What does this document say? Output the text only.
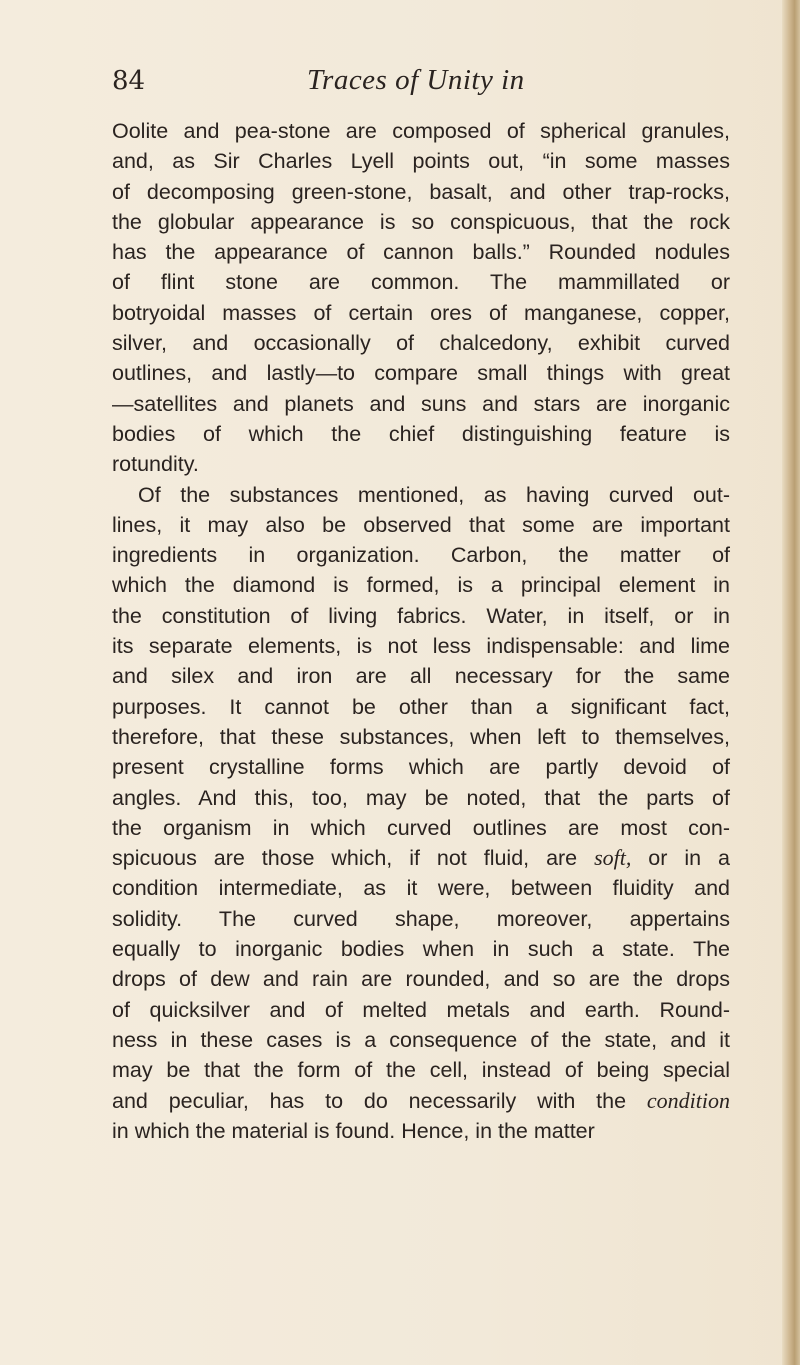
84	Traces of Unity in
Oolite and pea-stone are composed of spherical granules,
and, as Sir Charles Lyell points out, “in some masses
of decomposing green-stone, basalt, and other trap-rocks,
the globular appearance is so conspicuous, that the rock
has the appearance of cannon balls.” Rounded nodules
of flint stone are common. The mammillated or
botryoidal masses of certain ores of manganese, copper,
silver, and occasionally of chalcedony, exhibit curved
outlines, and lastly—to compare small things with great
—satellites and planets and suns and stars are inorganic
bodies of which the chief distinguishing feature is
rotundity.
Of the substances mentioned, as having curved out-
lines, it may also be observed that some are important
ingredients in organization. Carbon, the matter of
which the diamond is formed, is a principal element in
the constitution of living fabrics. Water, in itself, or in
its separate elements, is not less indispensable: and lime
and silex and iron are all necessary for the same
purposes. It cannot be other than a significant fact,
therefore, that these substances, when left to themselves,
present crystalline forms which are partly devoid of
angles. And this, too, may be noted, that the parts of
the organism in which curved outlines are most con-
spicuous are those which, if not fluid, are soft, or in a
condition intermediate, as it were, between fluidity and
solidity. The curved shape, moreover, appertains
equally to inorganic bodies when in such a state. The
drops of dew and rain are rounded, and so are the drops
of quicksilver and of melted metals and earth. Round-
ness in these cases is a consequence of the state, and it
may be that the form of the cell, instead of being special
and peculiar, has to do necessarily with the condition
in which the material is found. Hence, in the matter
